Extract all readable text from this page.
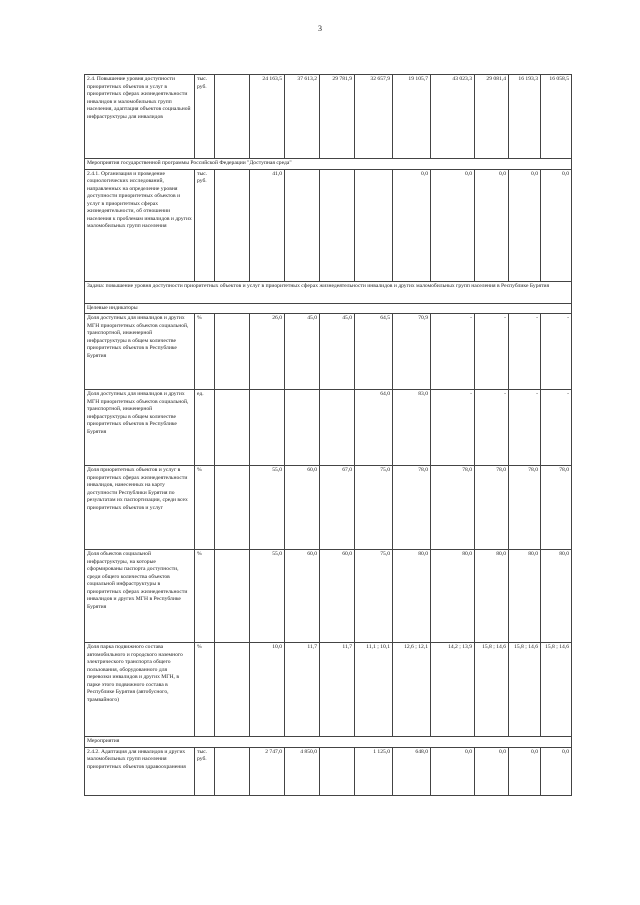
3
2.4. Повышение уровня доступности приоритетных объектов и услуг в приоритетных сферах жизнедеятельности инвалидов и маломобильных групп населения, адаптация объектов социальной инфраструктуры для инвалидов	тыс. руб.		24 163,5	37 613,2	29 781,9	32 657,9	19 105,7	43 023,3	29 081,4	16 193,3	16 058,5
Мероприятия государственной программы Российской Федерации "Доступная среда"											
2.4.1. Организация и проведение социологических исследований, направленных на определение уровня доступности приоритетных объектов и услуг в приоритетных сферах жизнедеятельности, об отношении населения к проблемам инвалидов и других маломобильных групп населения	тыс. руб.		41,0				0,0	0,0	0,0	0,0	0,0
Задача: повышение уровня доступности приоритетных объектов и услуг в приоритетных сферах жизнедеятельности инвалидов и других маломобильных групп населения в Республике Бурятия											
Целевые индикаторы											
Доля доступных для инвалидов и других МГН приоритетных объектов социальной, транспортной, инженерной инфраструктуры в общем количестве приоритетных объектов в Республике Бурятия	%		26,0	45,0	45,0	64,5	70,9	-	-	-	-
Доля доступных для инвалидов и других МГН приоритетных объектов социальной, транспортной, инженерной инфраструктуры в общем количестве приоритетных объектов в Республике Бурятия	ед.					64,0	83,0	-	-	-	-
Доля приоритетных объектов и услуг в приоритетных сферах жизнедеятельности инвалидов, нанесенных на карту доступности Республики Бурятия по результатам их паспортизации, среди всех приоритетных объектов и услуг	%		55,0	60,0	67,0	75,0	78,0	78,0	78,0	78,0	78,0
Доля объектов социальной инфраструктуры, на которые сформированы паспорта доступности, среди общего количества объектов социальной инфраструктуры в приоритетных сферах жизнедеятельности инвалидов и других МГН в Республике Бурятия	%		55,0	60,0	60,0	75,0	80,0	80,0	80,0	80,0	80,0
Доля парка подвижного состава автомобильного и городского наземного электрического транспорта общего пользования, оборудованного для перевозки инвалидов и других МГН, в парке этого подвижного состава в Республике Бурятия (автобусного, трамвайного)	%		10,0	11,7	11,7	11,1 ; 10,1	12,6 ; 12,1	14,2 ; 13,9	15,8 ; 14,6	15,8 ; 14,6	15,8 ; 14,6
Мероприятия											
2.4.2. Адаптация для инвалидов и других маломобильных групп населения приоритетных объектов здравоохранения	тыс. руб.		2 747,0	4 850,0		1 125,0	648,0	0,0	0,0	0,0	0,0
